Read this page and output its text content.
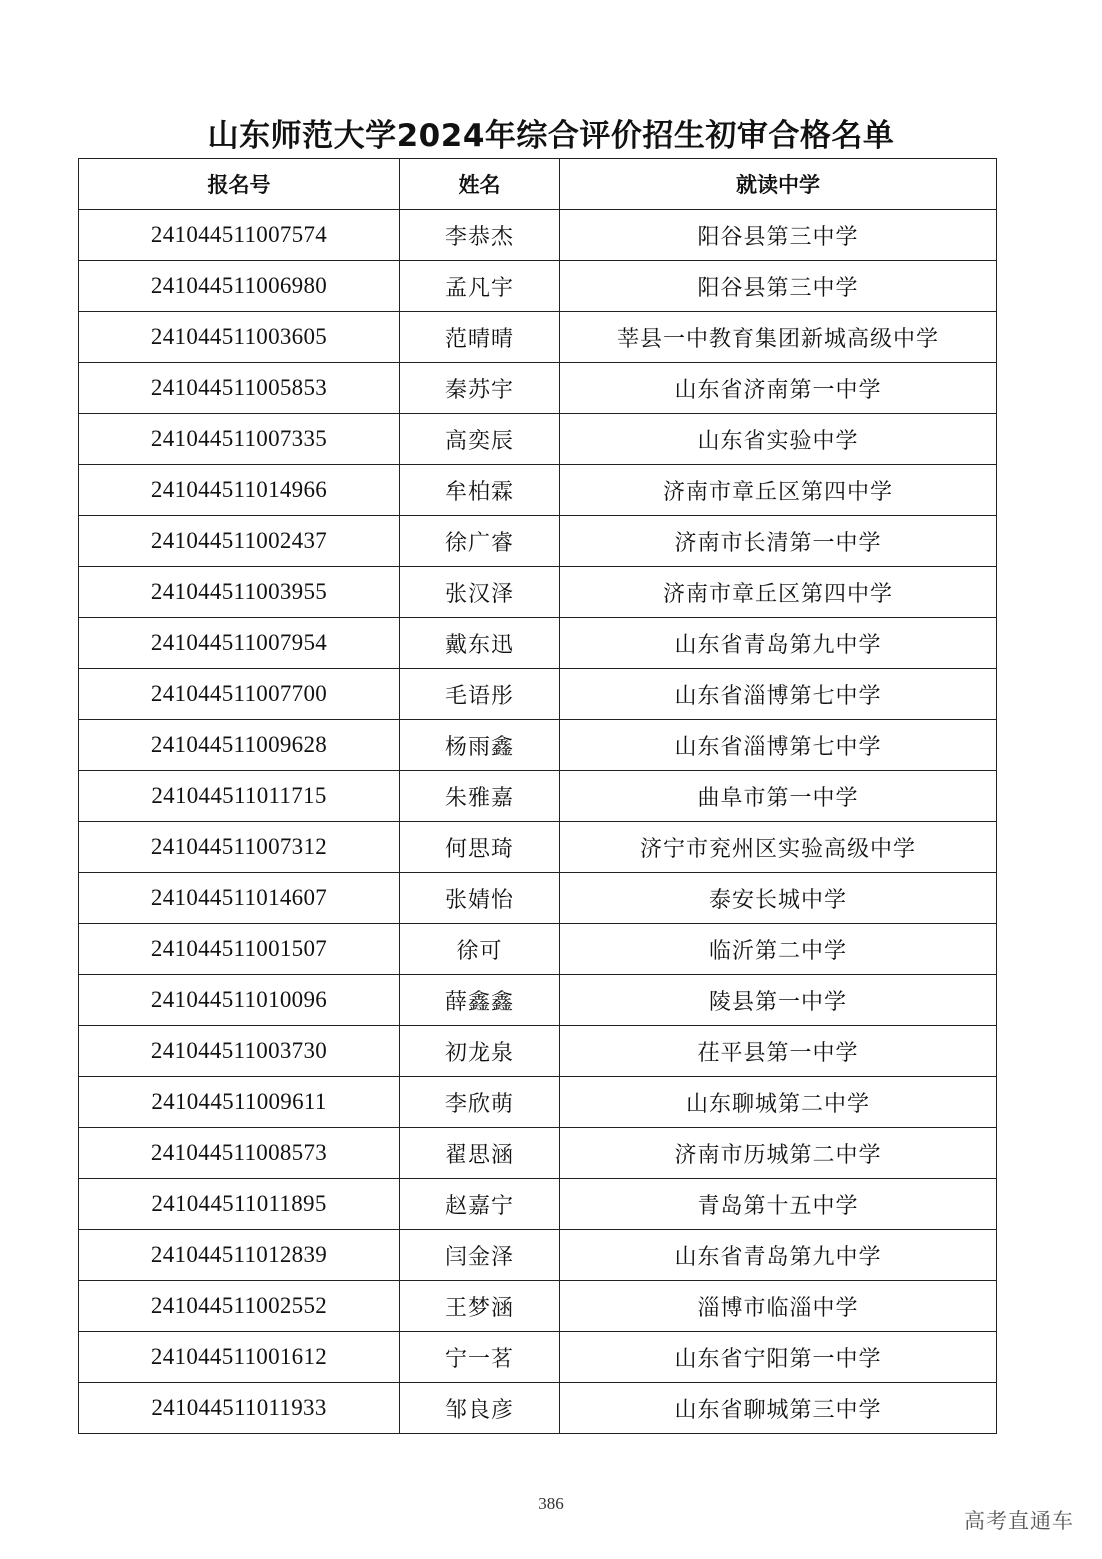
山东师范大学2024年综合评价招生初审合格名单
报名号	姓名	就读中学
241044511007574	李恭杰	阳谷县第三中学
241044511006980	孟凡宇	阳谷县第三中学
241044511003605	范晴晴	莘县一中教育集团新城高级中学
241044511005853	秦苏宇	山东省济南第一中学
241044511007335	高奕辰	山东省实验中学
241044511014966	牟柏霖	济南市章丘区第四中学
241044511002437	徐广睿	济南市长清第一中学
241044511003955	张汉泽	济南市章丘区第四中学
241044511007954	戴东迅	山东省青岛第九中学
241044511007700	毛语彤	山东省淄博第七中学
241044511009628	杨雨鑫	山东省淄博第七中学
241044511011715	朱雅嘉	曲阜市第一中学
241044511007312	何思琦	济宁市兖州区实验高级中学
241044511014607	张婧怡	泰安长城中学
241044511001507	徐可	临沂第二中学
241044511010096	薛鑫鑫	陵县第一中学
241044511003730	初龙泉	茌平县第一中学
241044511009611	李欣萌	山东聊城第二中学
241044511008573	翟思涵	济南市历城第二中学
241044511011895	赵嘉宁	青岛第十五中学
241044511012839	闫金泽	山东省青岛第九中学
241044511002552	王梦涵	淄博市临淄中学
241044511001612	宁一茗	山东省宁阳第一中学
241044511011933	邹良彦	山东省聊城第三中学
386
高考直通车
